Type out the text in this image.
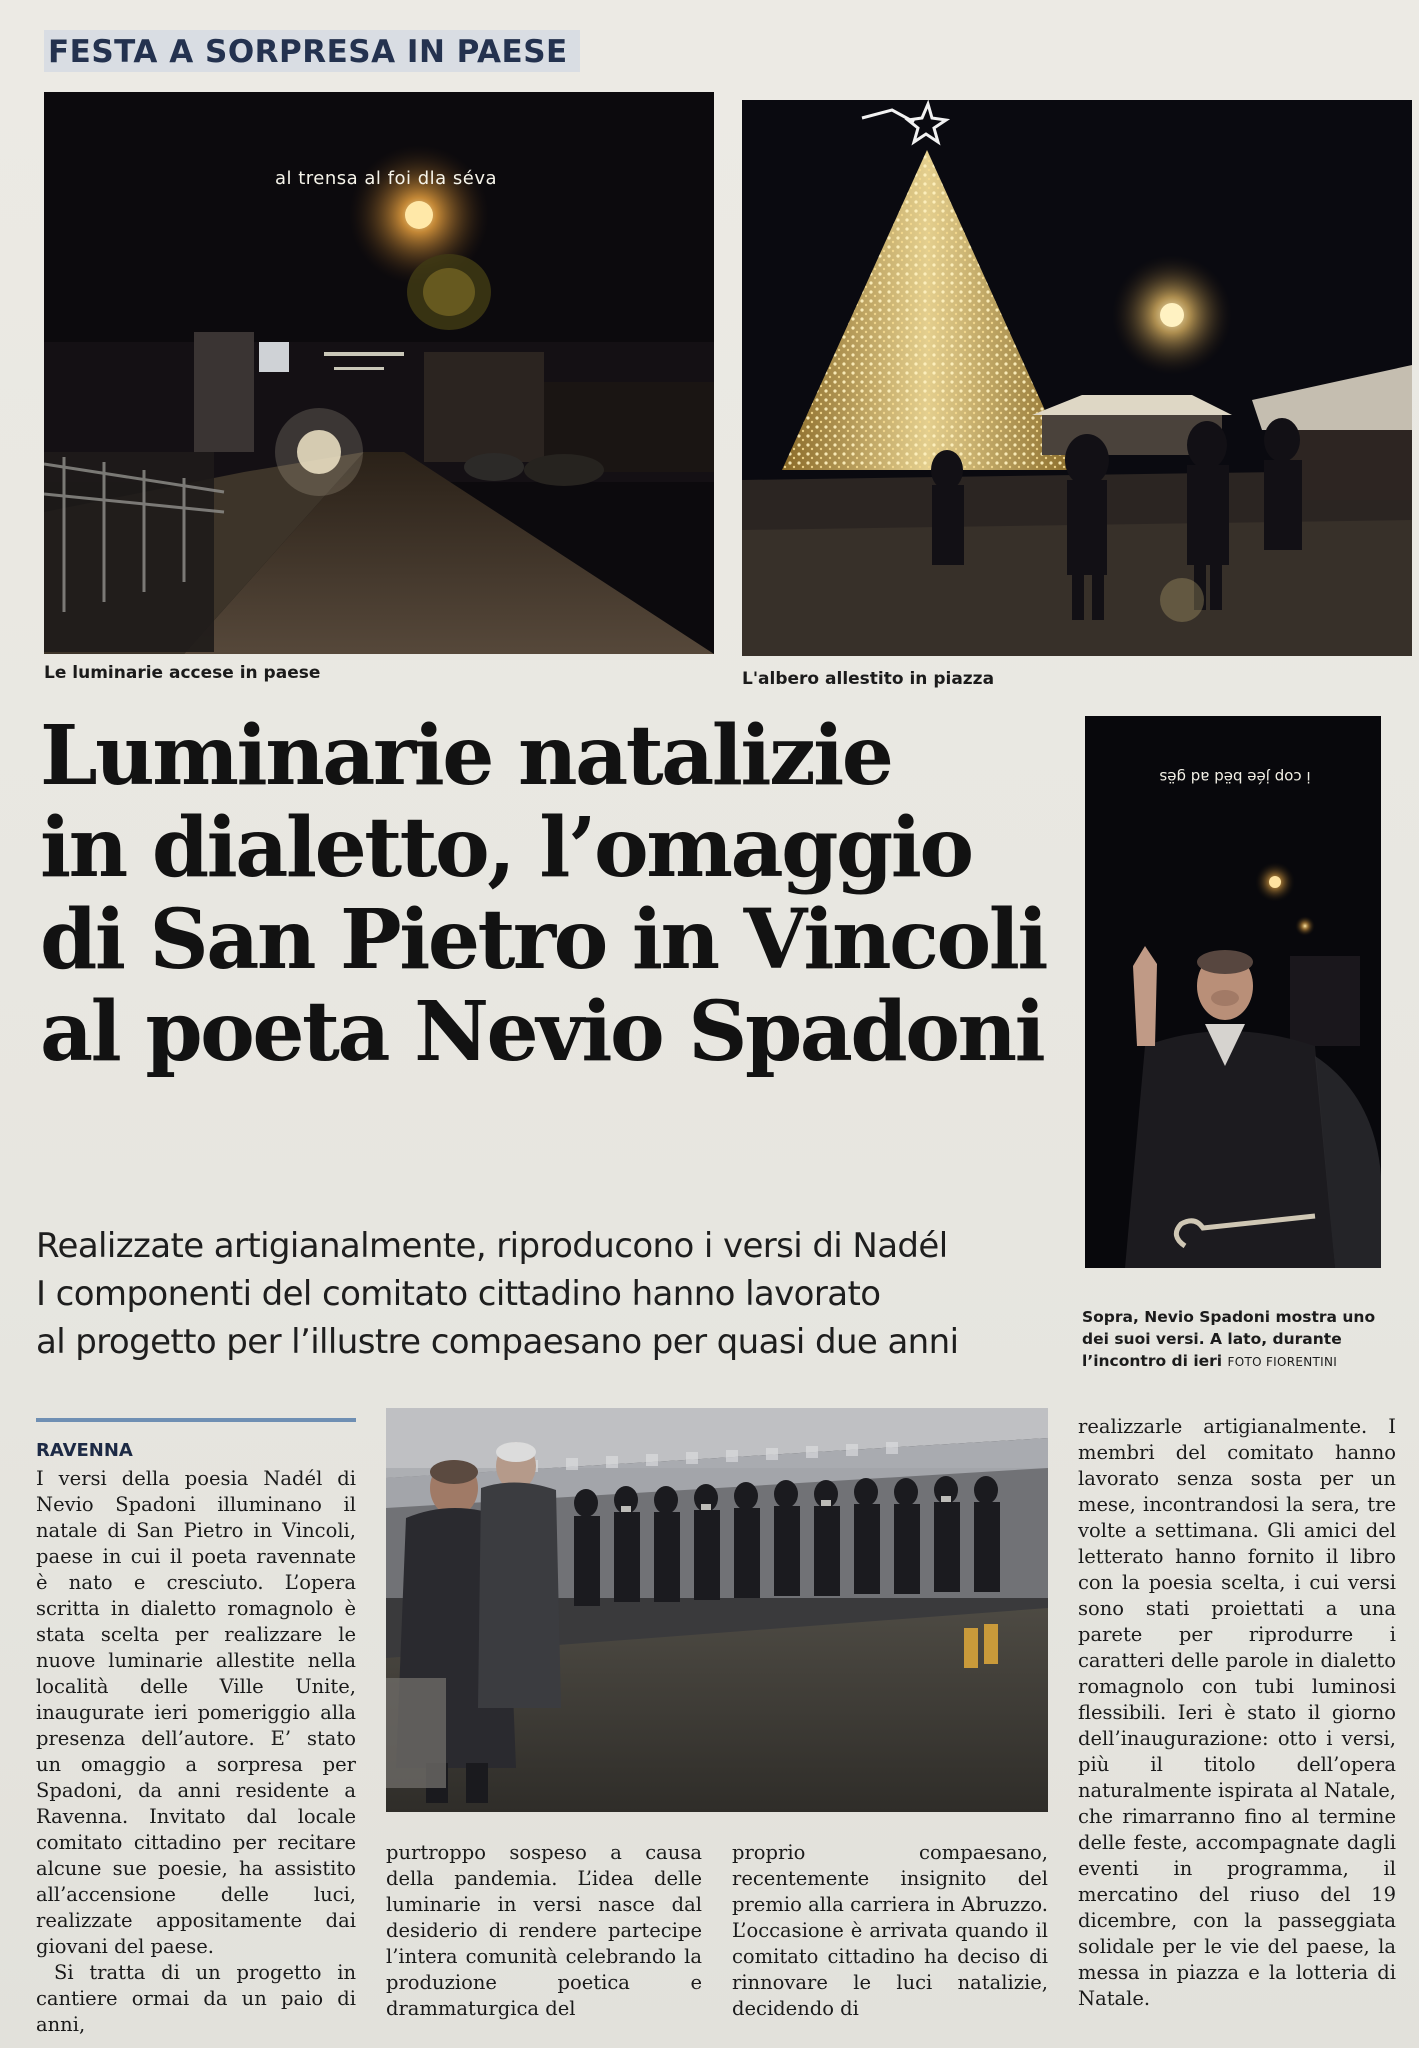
FESTA A SORPRESA IN PAESE
al trensa al foi dla séva
Le luminarie accese in paese	L'albero allestito in piazza
Luminarie natalizie
in dialetto, l’omaggio
di San Pietro in Vincoli
al poeta Nevio Spadoni
i cop jée bëd ad gës
Sopra, Nevio Spadoni mostra uno dei suoi versi. A lato, durante l’incontro di ieri FOTO FIORENTINI
Realizzate artigianalmente, riproducono i versi di Nadél
I componenti del comitato cittadino hanno lavorato
al progetto per l’illustre compaesano per quasi due anni
RAVENNA

I versi della poesia Nadél di Nevio Spadoni illuminano il natale di San Pietro in Vincoli, paese in cui il poeta ravennate è nato e cresciuto. L’opera scritta in dialetto romagnolo è stata scelta per realizzare le nuove luminarie allestite nella località delle Ville Unite, inaugurate ieri pomeriggio alla presenza dell’autore. E’ stato un omaggio a sorpresa per Spadoni, da anni residente a Ravenna. Invitato dal locale comitato cittadino per recitare alcune sue poesie, ha assistito all’accensione delle luci, realizzate appositamente dai giovani del paese.

Si tratta di un progetto in cantiere ormai da un paio di anni,

purtroppo sospeso a causa della pandemia. L’idea delle luminarie in versi nasce dal desiderio di rendere partecipe l’intera comunità celebrando la produzione poetica e drammaturgica del

proprio compaesano, recentemente insignito del premio alla carriera in Abruzzo. L’occasione è arrivata quando il comitato cittadino ha deciso di rinnovare le luci natalizie, decidendo di

realizzarle artigianalmente. I membri del comitato hanno lavorato senza sosta per un mese, incontrandosi la sera, tre volte a settimana. Gli amici del letterato hanno fornito il libro con la poesia scelta, i cui versi sono stati proiettati a una parete per riprodurre i caratteri delle parole in dialetto romagnolo con tubi luminosi flessibili. Ieri è stato il giorno dell’inaugurazione: otto i versi, più il titolo dell’opera naturalmente ispirata al Natale, che rimarranno fino al termine delle feste, accompagnate dagli eventi in programma, il mercatino del riuso del 19 dicembre, con la passeggiata solidale per le vie del paese, la messa in piazza e la lotteria di Natale.
